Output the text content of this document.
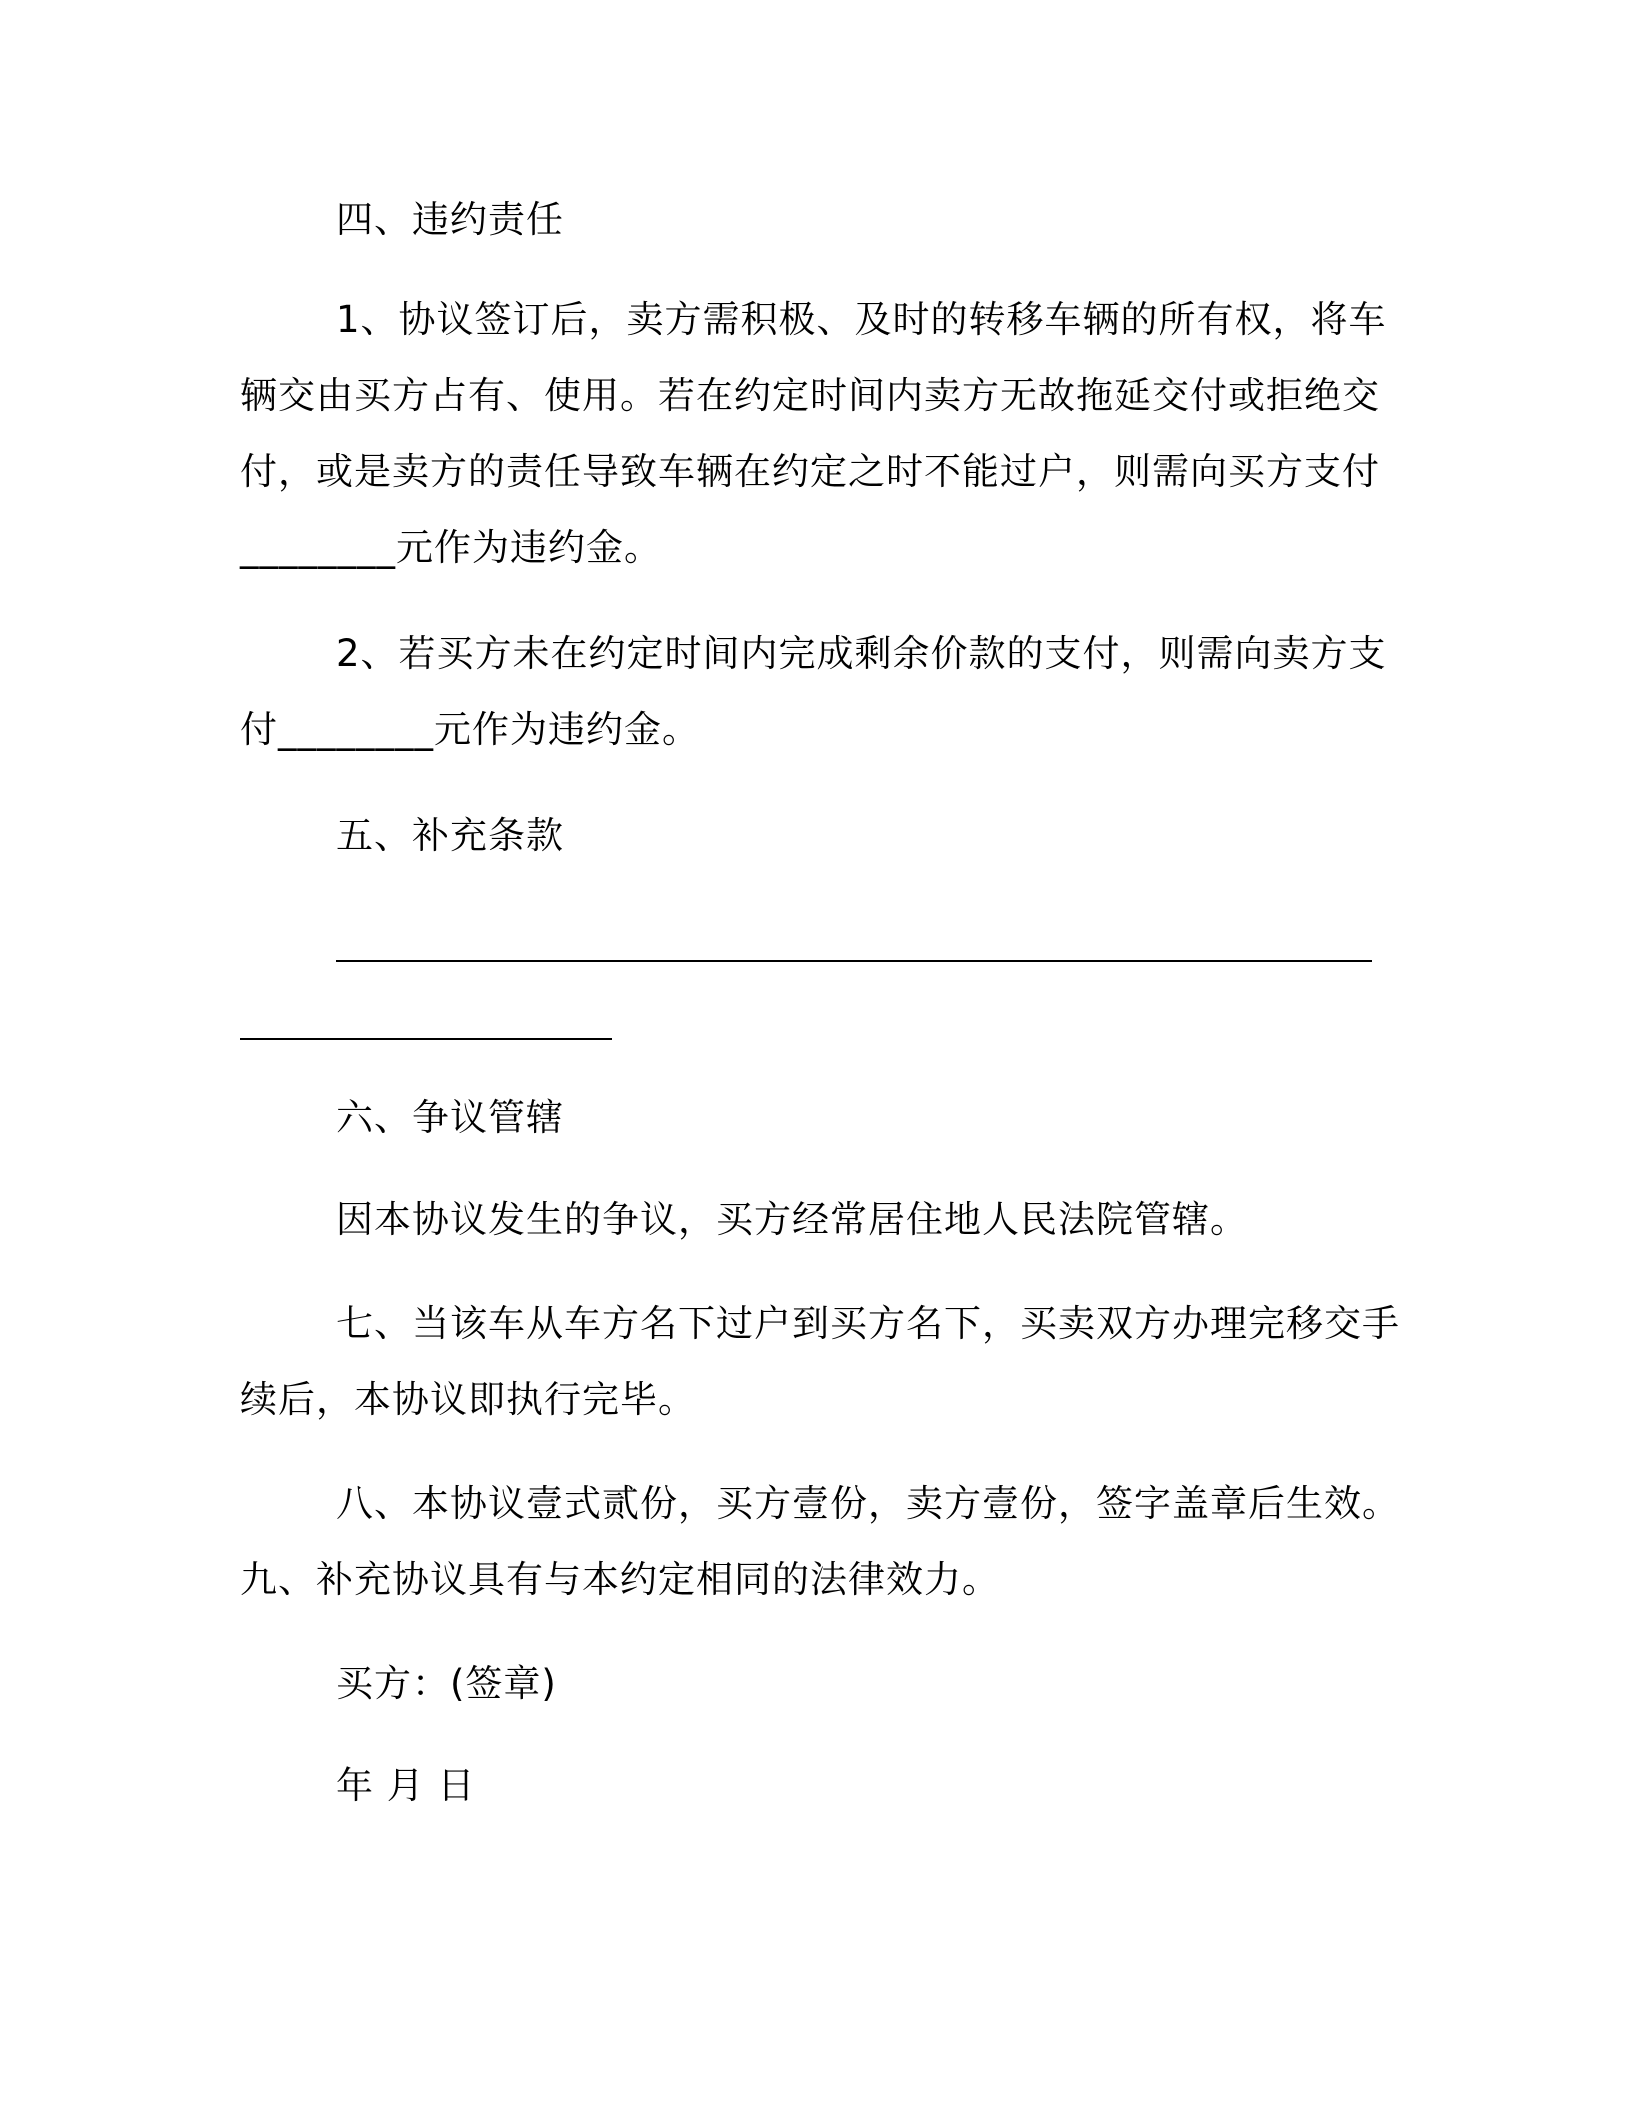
四、违约责任
1、协议签订后，卖方需积极、及时的转移车辆的所有权，将车
辆交由买方占有、使用。若在约定时间内卖方无故拖延交付或拒绝交
付，或是卖方的责任导致车辆在约定之时不能过户，则需向买方支付
________元作为违约金。
2、若买方未在约定时间内完成剩余价款的支付，则需向卖方支
付________元作为违约金。
五、补充条款
六、争议管辖
因本协议发生的争议，买方经常居住地人民法院管辖。
七、当该车从车方名下过户到买方名下，买卖双方办理完移交手
续后，本协议即执行完毕。
八、本协议壹式贰份，买方壹份，卖方壹份，签字盖章后生效。
九、补充协议具有与本约定相同的法律效力。
买方：(签章)
年 月 日
